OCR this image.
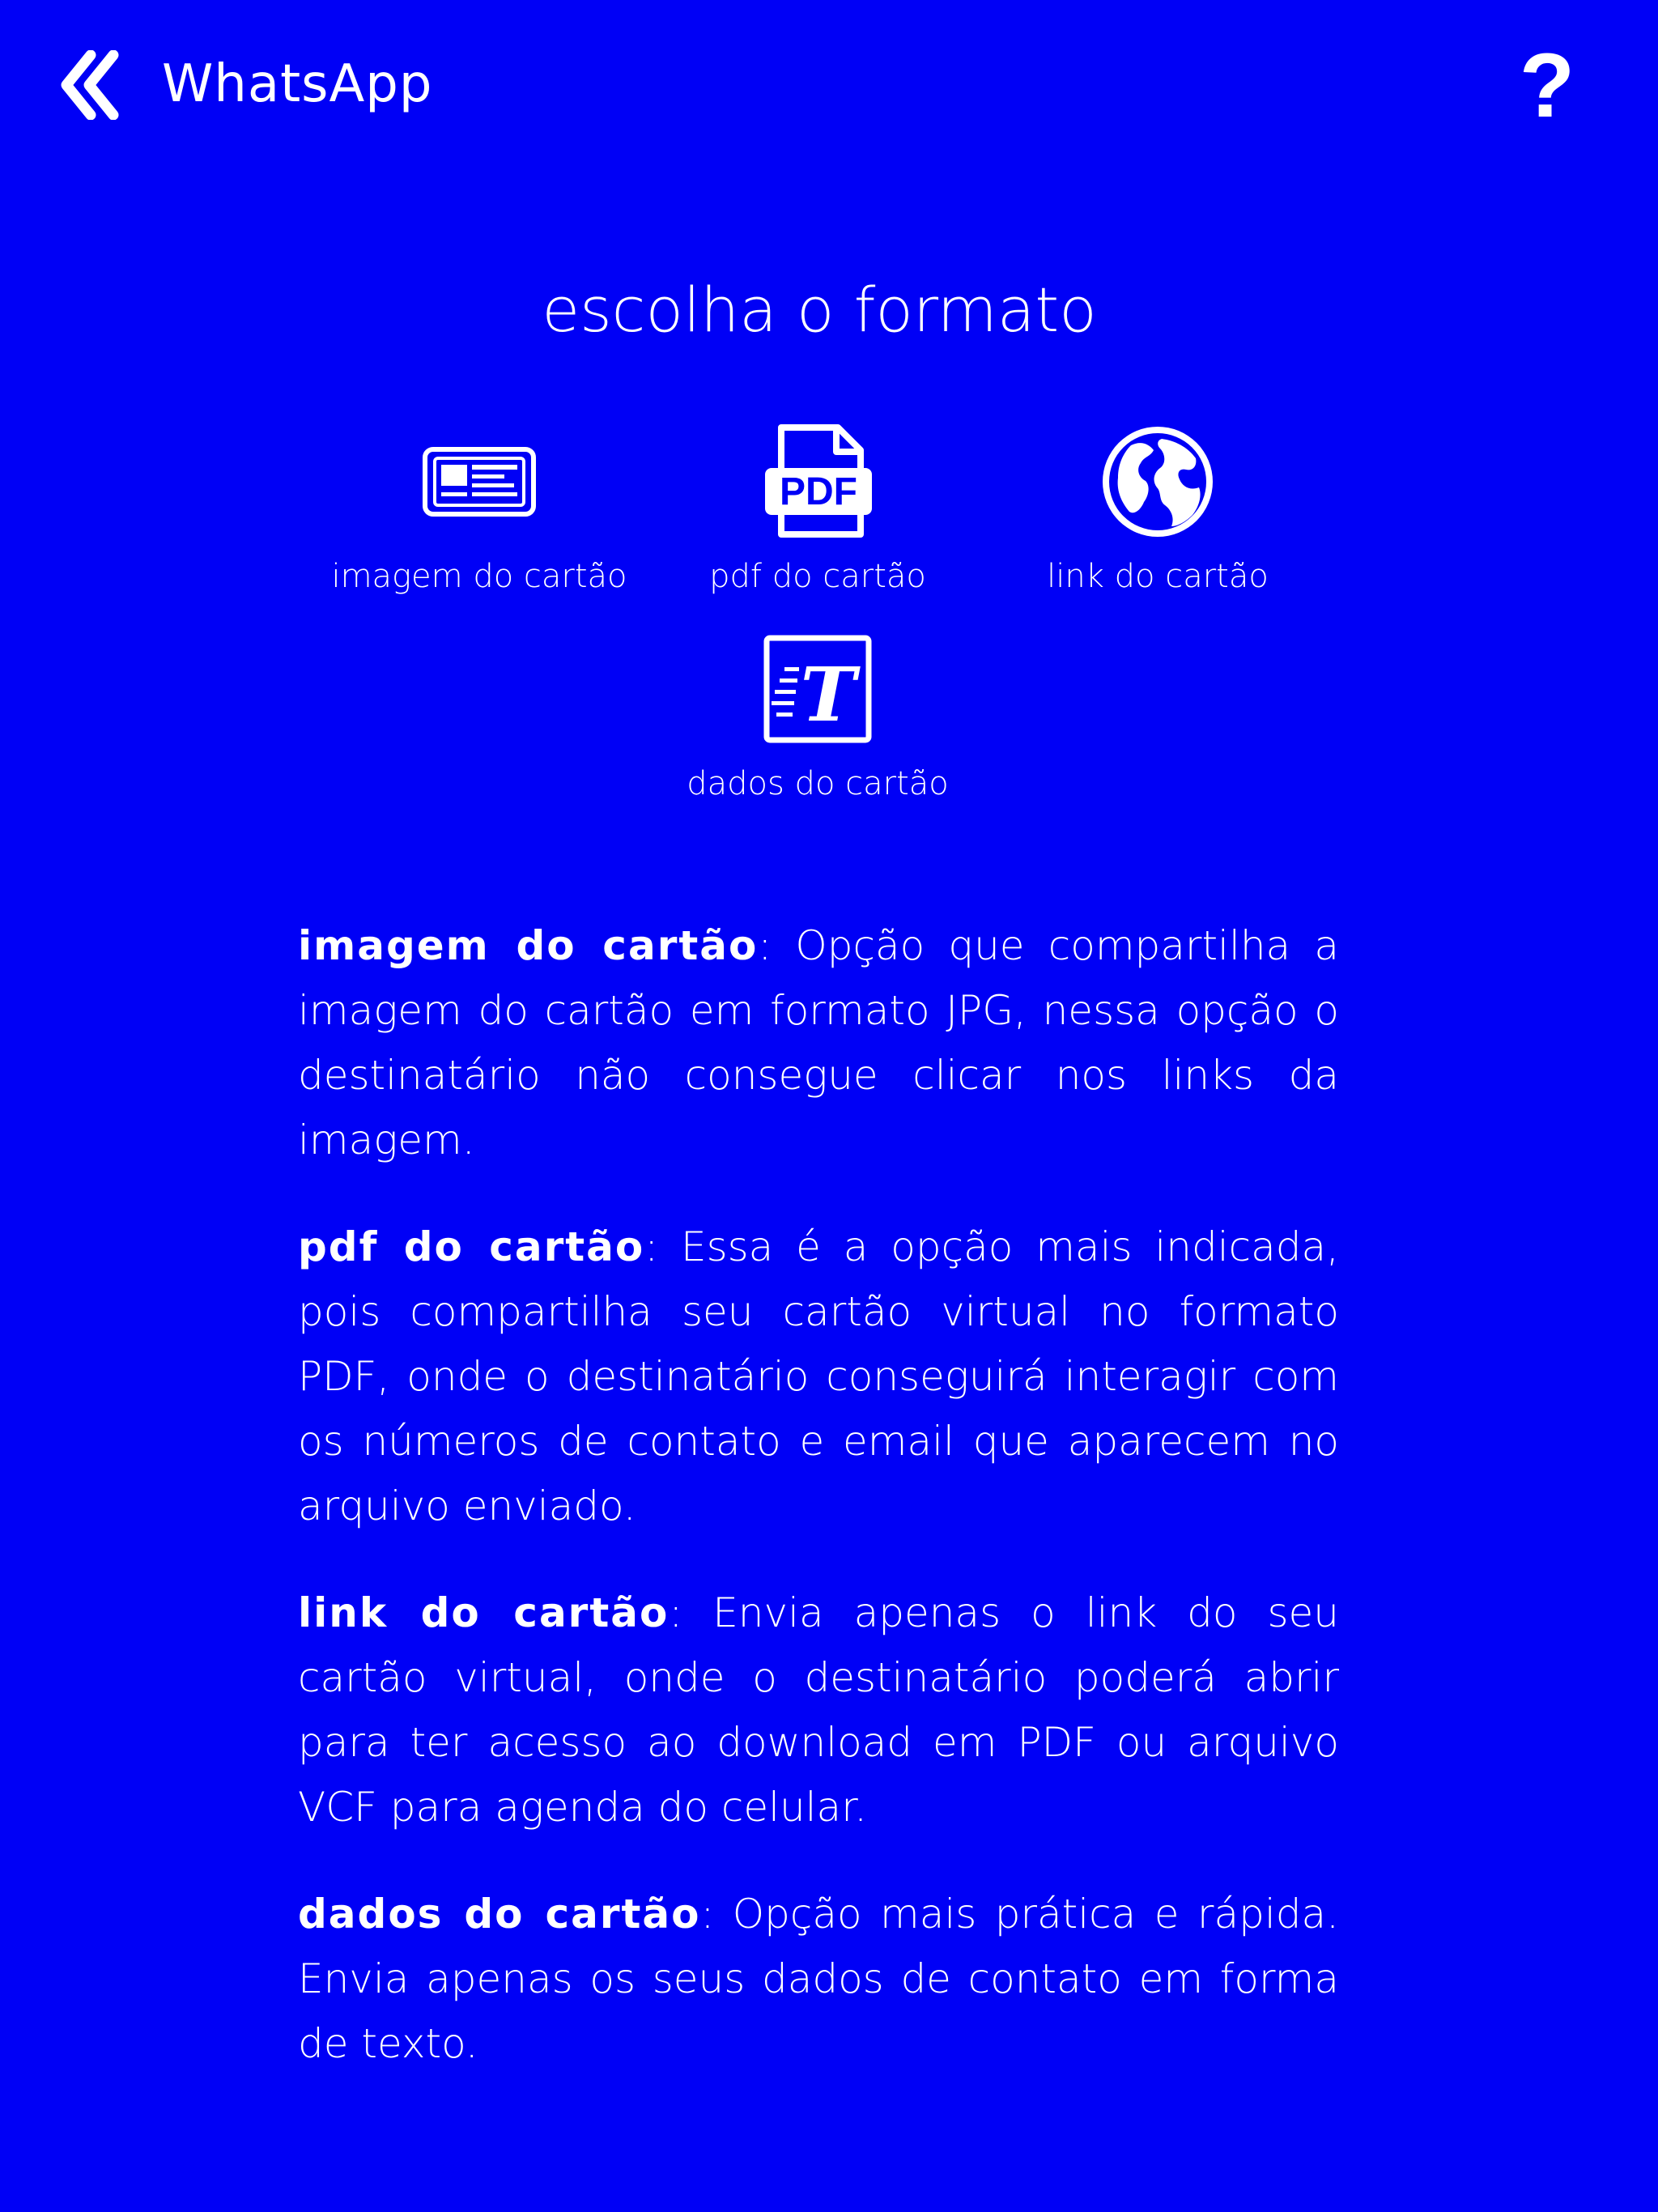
WhatsApp	?
escolha o formato
imagem do cartão
PDF
pdf do cartão	link do cartão
T
dados do cartão

imagem do cartão: Opção que compartilha a imagem do cartão em formato JPG, nessa opção o destinatário não consegue clicar nos links da imagem.

pdf do cartão: Essa é a opção mais indicada, pois compartilha seu cartão virtual no formato PDF, onde o destinatário conseguirá interagir com os números de contato e email que aparecem no arquivo enviado.

link do cartão: Envia apenas o link do seu cartão virtual, onde o destinatário poderá abrir para ter acesso ao download em PDF ou arquivo VCF para agenda do celular.

dados do cartão: Opção mais prática e rápida. Envia apenas os seus dados de contato em forma de texto.
